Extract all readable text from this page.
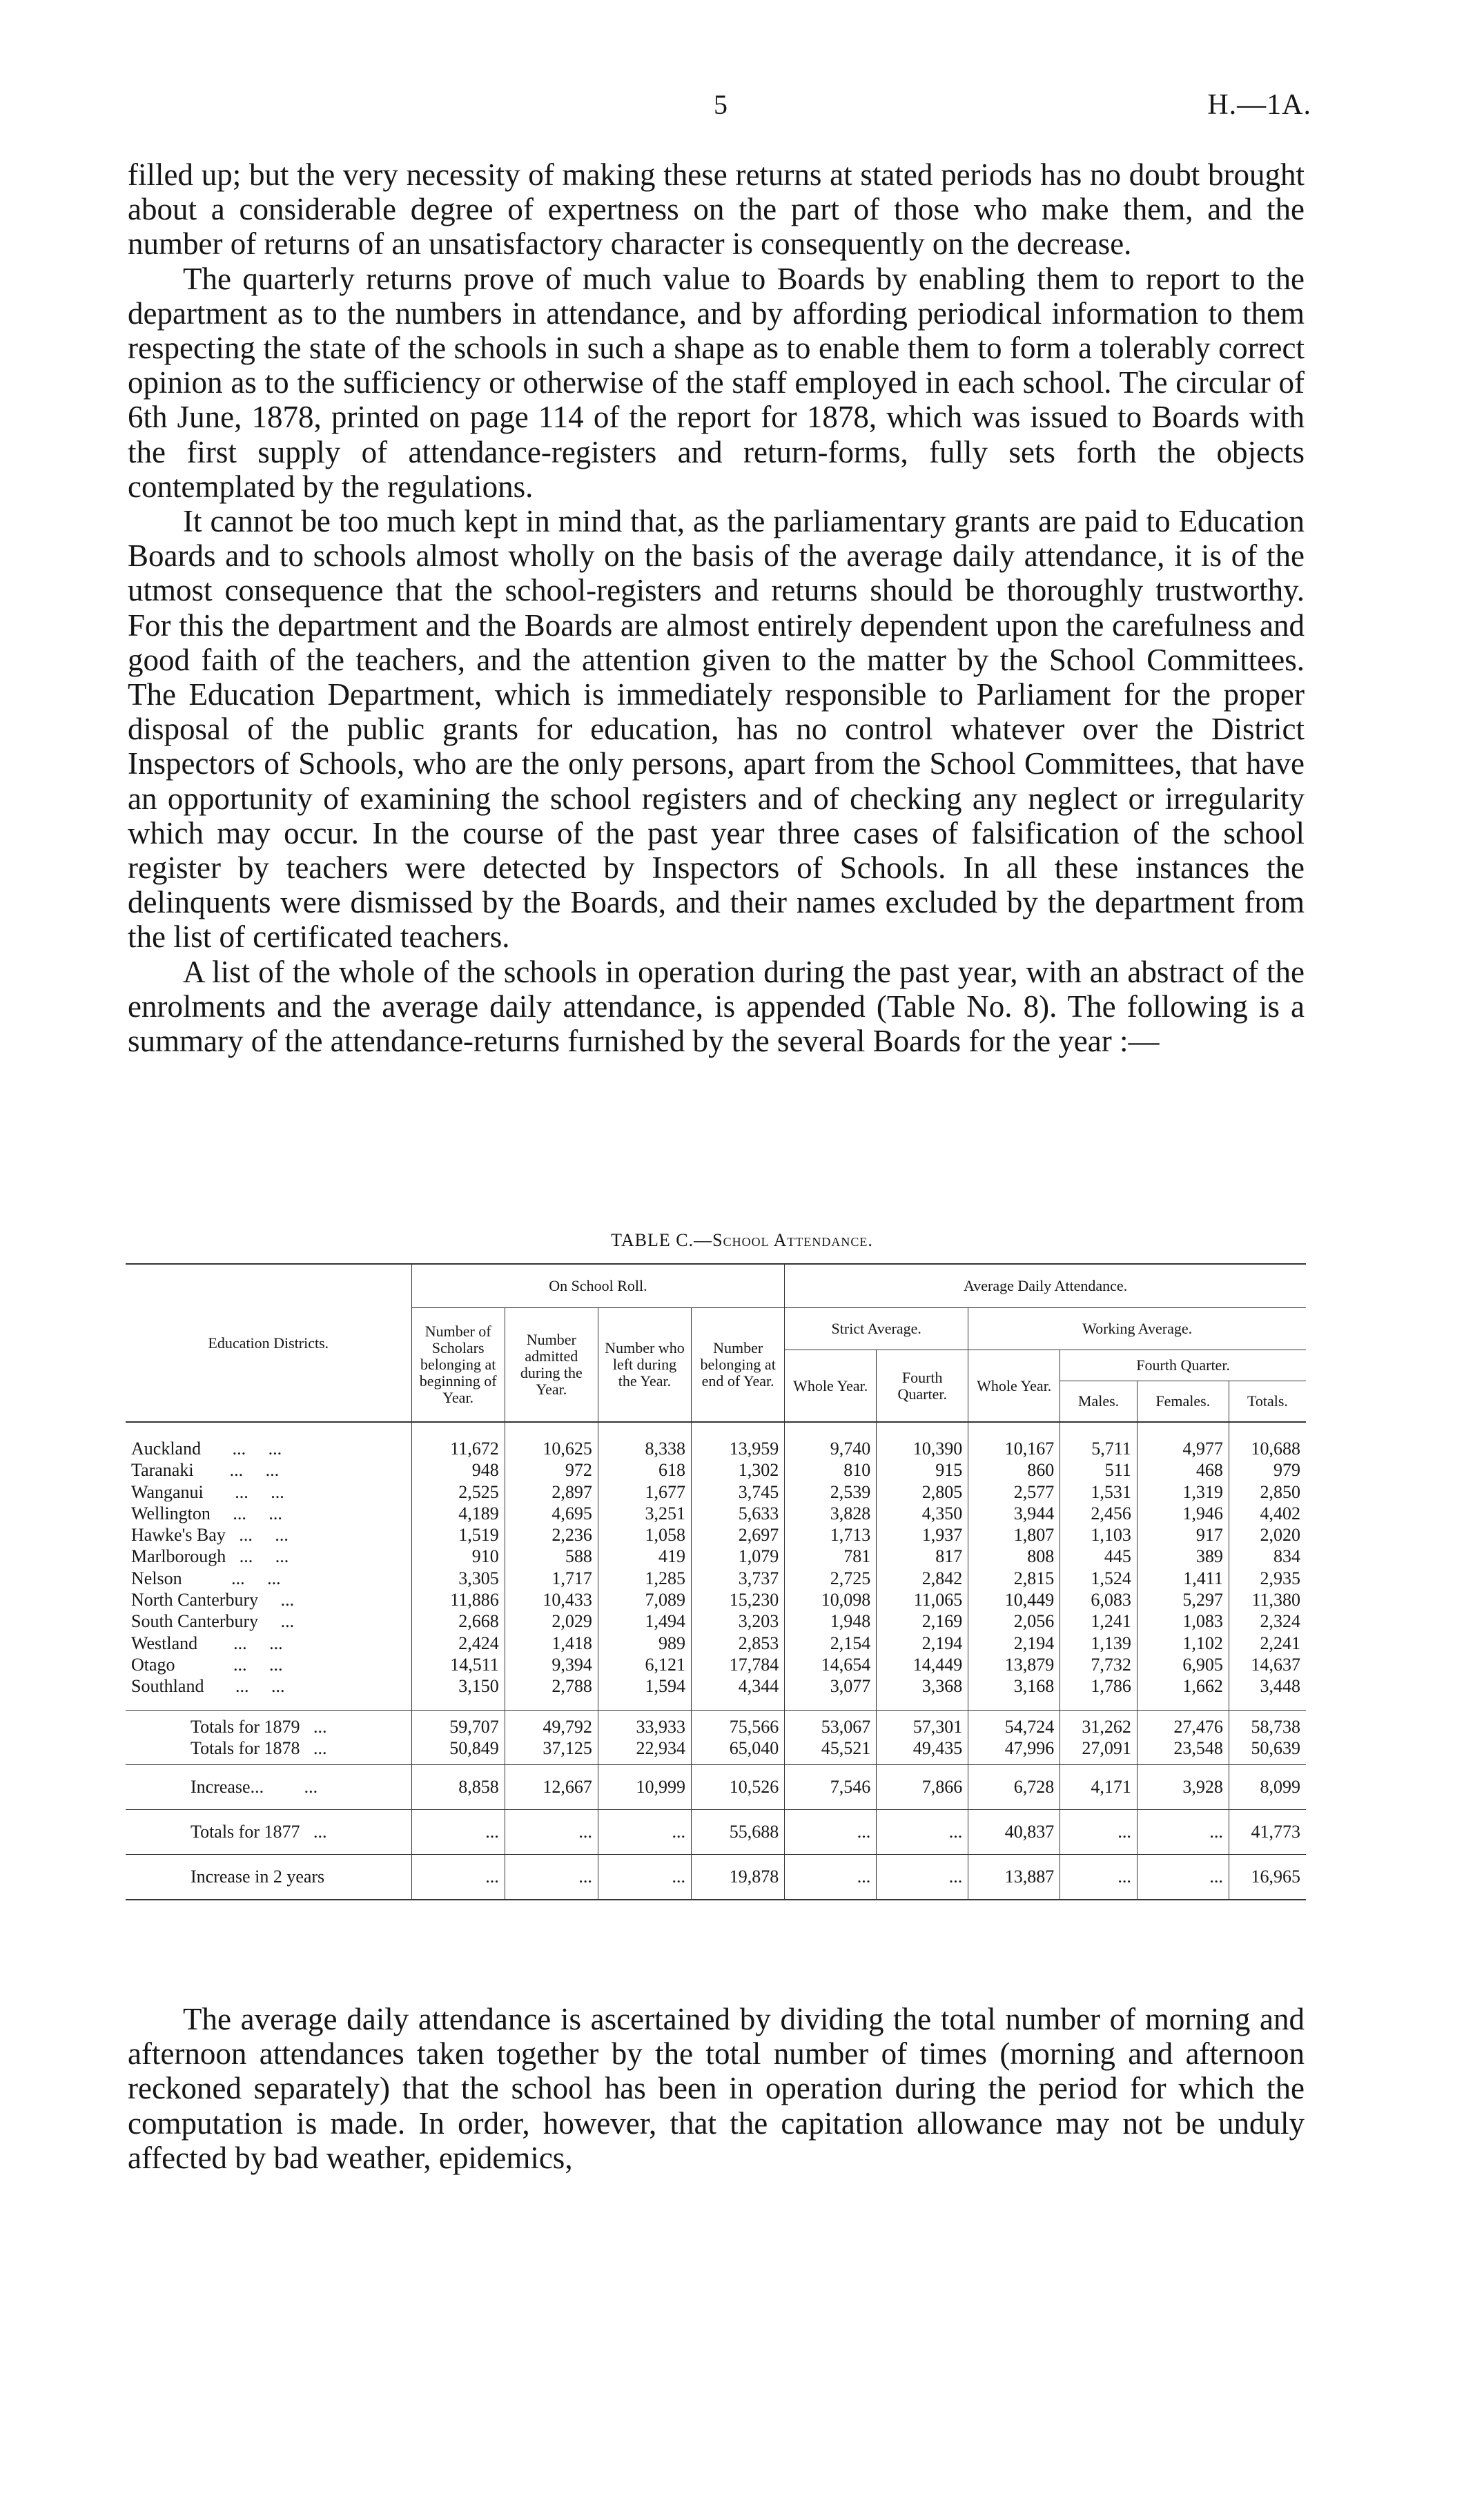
5	H.—1A.

filled up; but the very necessity of making these returns at stated periods has no doubt brought about a considerable degree of expertness on the part of those who make them, and the number of returns of an unsatisfactory character is consequently on the decrease.

The quarterly returns prove of much value to Boards by enabling them to report to the department as to the numbers in attendance, and by affording periodical information to them respecting the state of the schools in such a shape as to enable them to form a tolerably correct opinion as to the sufficiency or otherwise of the staff employed in each school. The circular of 6th June, 1878, printed on page 114 of the report for 1878, which was issued to Boards with the first supply of attendance-registers and return-forms, fully sets forth the objects contemplated by the regulations.

It cannot be too much kept in mind that, as the parliamentary grants are paid to Education Boards and to schools almost wholly on the basis of the average daily attendance, it is of the utmost consequence that the school-registers and returns should be thoroughly trustworthy. For this the department and the Boards are almost entirely dependent upon the carefulness and good faith of the teachers, and the attention given to the matter by the School Committees. The Education Department, which is immediately responsible to Parliament for the proper disposal of the public grants for education, has no control whatever over the District Inspectors of Schools, who are the only persons, apart from the School Committees, that have an opportunity of examining the school registers and of checking any neglect or irregularity which may occur. In the course of the past year three cases of falsification of the school register by teachers were detected by Inspectors of Schools. In all these instances the delinquents were dismissed by the Boards, and their names excluded by the department from the list of certificated teachers.

A list of the whole of the schools in operation during the past year, with an abstract of the enrolments and the average daily attendance, is appended (Table No. 8). The following is a summary of the attendance-returns furnished by the several Boards for the year :—

TABLE C.—School Attendance.
Education Districts.	On School Roll.				Average Daily Attendance.					
	Number of Scholars belonging at beginning of Year.	Number admitted during the Year.	Number who left during the Year.	Number belonging at end of Year.	Strict Average.		Working Average.			
					Whole Year.	Fourth Quarter.	Whole Year.	Fourth Quarter.		
								Males.	Females.	Totals.
Auckland       ...     ...	11,672	10,625	8,338	13,959	9,740	10,390	10,167	5,711	4,977	10,688
Taranaki        ...     ...	948	972	618	1,302	810	915	860	511	468	979
Wanganui       ...     ...	2,525	2,897	1,677	3,745	2,539	2,805	2,577	1,531	1,319	2,850
Wellington     ...     ...	4,189	4,695	3,251	5,633	3,828	4,350	3,944	2,456	1,946	4,402
Hawke's Bay   ...     ...	1,519	2,236	1,058	2,697	1,713	1,937	1,807	1,103	917	2,020
Marlborough   ...     ...	910	588	419	1,079	781	817	808	445	389	834
Nelson           ...     ...	3,305	1,717	1,285	3,737	2,725	2,842	2,815	1,524	1,411	2,935
North Canterbury     ...	11,886	10,433	7,089	15,230	10,098	11,065	10,449	6,083	5,297	11,380
South Canterbury     ...	2,668	2,029	1,494	3,203	1,948	2,169	2,056	1,241	1,083	2,324
Westland        ...     ...	2,424	1,418	989	2,853	2,154	2,194	2,194	1,139	1,102	2,241
Otago             ...     ...	14,511	9,394	6,121	17,784	14,654	14,449	13,879	7,732	6,905	14,637
Southland       ...     ...	3,150	2,788	1,594	4,344	3,077	3,368	3,168	1,786	1,662	3,448
Totals for 1879   ...	59,707	49,792	33,933	75,566	53,067	57,301	54,724	31,262	27,476	58,738
Totals for 1878   ...	50,849	37,125	22,934	65,040	45,521	49,435	47,996	27,091	23,548	50,639
Increase...         ...	8,858	12,667	10,999	10,526	7,546	7,866	6,728	4,171	3,928	8,099
Totals for 1877   ...	...	...	...	55,688	...	...	40,837	...	...	41,773
Increase in 2 years	...	...	...	19,878	...	...	13,887	...	...	16,965

The average daily attendance is ascertained by dividing the total number of morning and afternoon attendances taken together by the total number of times (morning and afternoon reckoned separately) that the school has been in operation during the period for which the computation is made. In order, however, that the capitation allowance may not be unduly affected by bad weather, epidemics,
